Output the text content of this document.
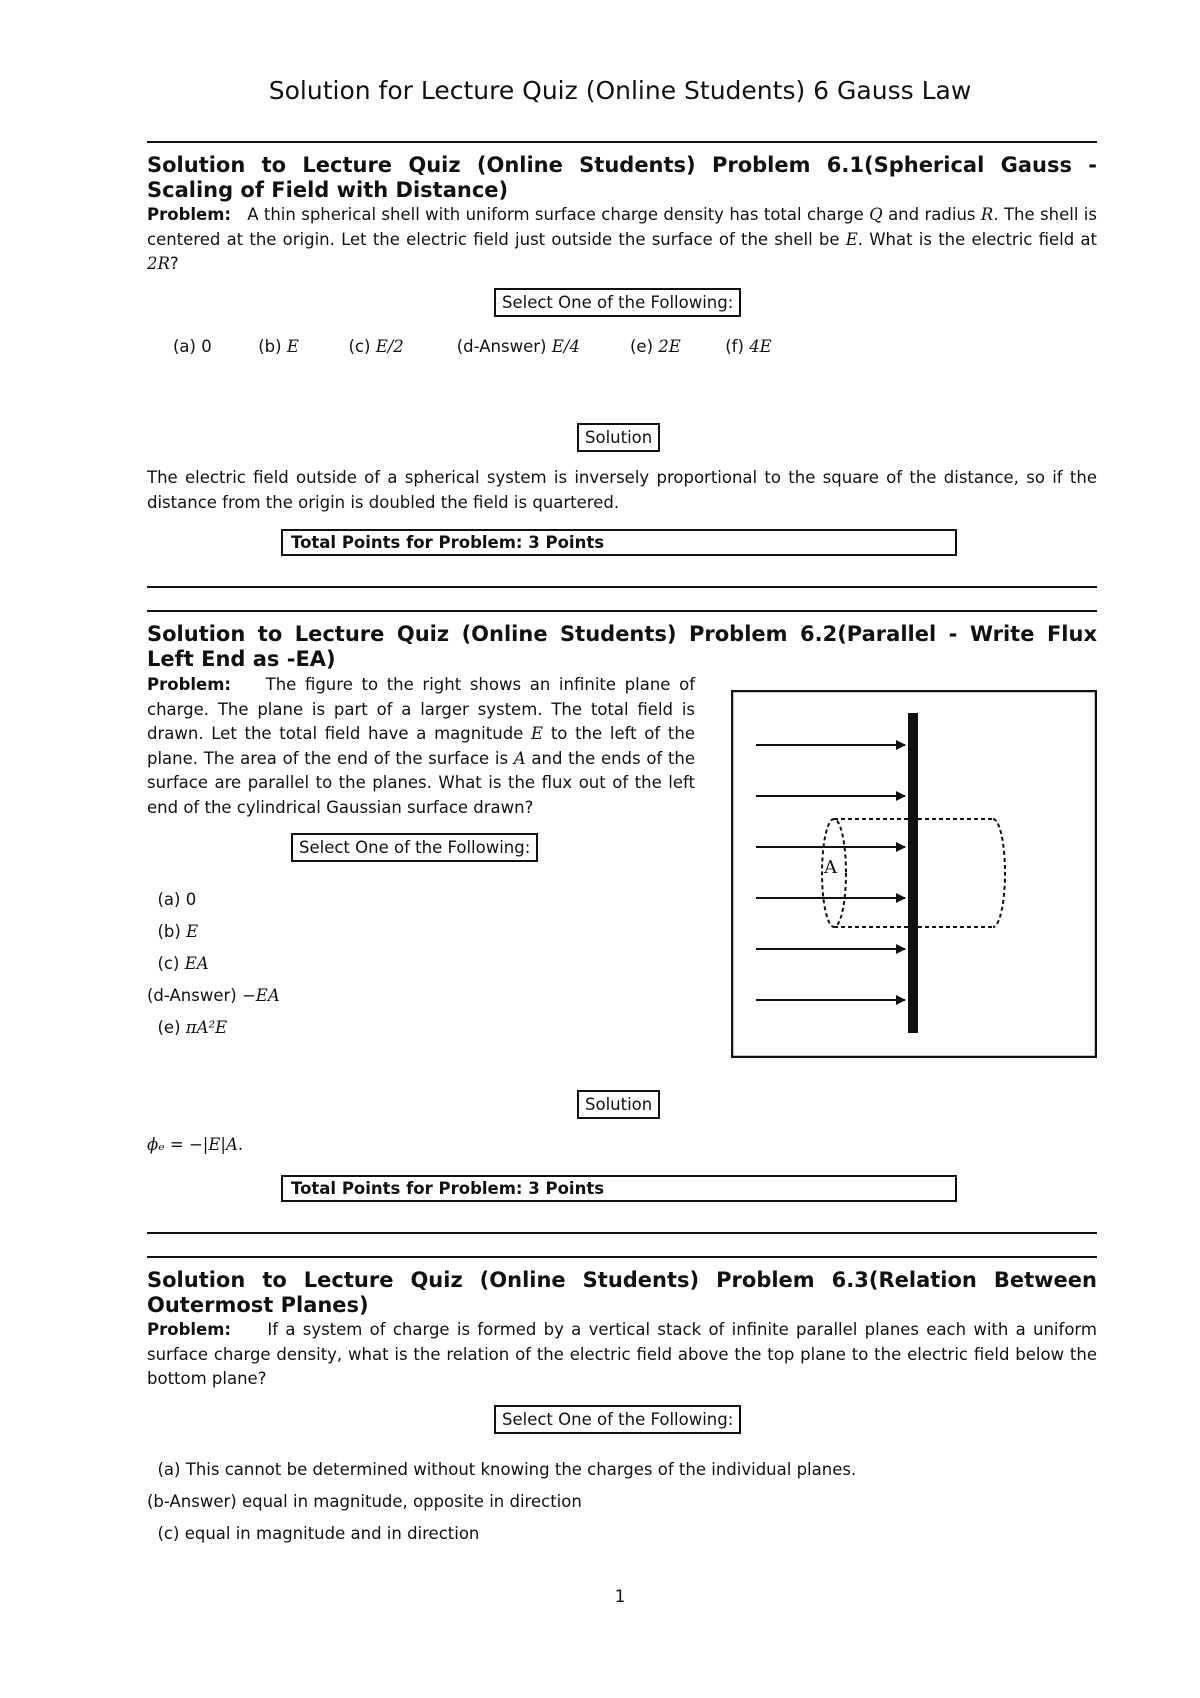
Solution for Lecture Quiz (Online Students) 6 Gauss Law
Solution to Lecture Quiz (Online Students) Problem 6.1(Spherical Gauss - Scaling of Field with Distance)
Problem: A thin spherical shell with uniform surface charge density has total charge Q and radius R. The shell is centered at the origin. Let the electric field just outside the surface of the shell be E. What is the electric field at 2R?
Select One of the Following:
(a) 0	(b) E	(c) E/2	(d-Answer) E/4	(e) 2E	(f) 4E
Solution
The electric field outside of a spherical system is inversely proportional to the square of the distance, so if the distance from the origin is doubled the field is quartered.
Total Points for Problem: 3 Points
Solution to Lecture Quiz (Online Students) Problem 6.2(Parallel - Write Flux Left End as -EA)
Problem: The figure to the right shows an infinite plane of charge. The plane is part of a larger system. The total field is drawn. Let the total field have a magnitude E to the left of the plane. The area of the end of the surface is A and the ends of the surface are parallel to the planes. What is the flux out of the left end of the cylindrical Gaussian surface drawn?
Select One of the Following:
(a) 0
(b) E
(c) EA
(d-Answer) −EA
(e) πA²E
A
Solution
ϕₑ = −|E|A.
Total Points for Problem: 3 Points
Solution to Lecture Quiz (Online Students) Problem 6.3(Relation Between Outermost Planes)
Problem: If a system of charge is formed by a vertical stack of infinite parallel planes each with a uniform surface charge density, what is the relation of the electric field above the top plane to the electric field below the bottom plane?
Select One of the Following:
(a) This cannot be determined without knowing the charges of the individual planes.
(b-Answer) equal in magnitude, opposite in direction
(c) equal in magnitude and in direction
1
